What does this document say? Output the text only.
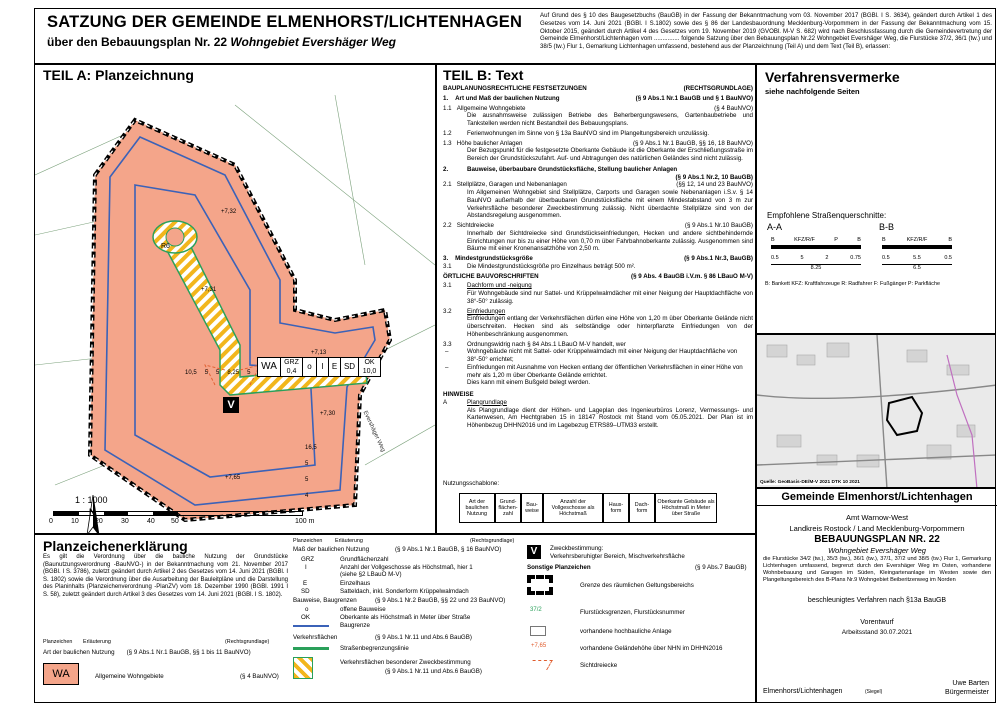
SATZUNG DER GEMEINDE ELMENHORST/LICHTENHAGEN
über den Bebauungsplan Nr. 22 Wohngebiet Evershäger Weg
Auf Grund des § 10 des Baugesetzbuchs (BauGB) in der Fassung der Bekanntmachung vom 03. November 2017 (BGBl. I S. 3634), geändert durch Artikel 1 des Gesetzes vom 14. Juni 2021 (BGBl. I S.1802) sowie des § 86 der Landesbauordnung Mecklenburg-Vorpommern in der Fassung der Bekanntmachung vom 15. Oktober 2015, geändert durch Artikel 4 des Gesetzes vom 19. November 2019 (GVOBl. M-V S. 682) wird nach Beschlussfassung durch die Gemeindevertretung der Gemeinde Elmenhorst/Lichtenhagen vom ............... folgende Satzung über den Bebauungsplan Nr.22 Wohngebiet Evershäger Weg, die Flurstücke 37/2, 36/1 (tw.) und 38/5 (tw.) Flur 1, Gemarkung Lichtenhagen umfassend, bestehend aus der Planzeichnung (Teil A) und dem Text (Teil B), erlassen:
TEIL A: Planzeichnung
N
WA	GRZ
0,4
o	I	E SD	OK
10,0
V
R6
+7,32
+7,13
+7,30
+7,65
+7,31
Evershäger Weg
10,5 5 5 8,25 5
16,5
5
5
4
1 : 1000
0	10 20	30	40 50	100 m
Planzeichenerklärung
Es gilt die Verordnung über die bauliche Nutzung der Grundstücke (Baunutzungsverordnung -BauNVO-) in der Bekanntmachung vom 21. November 2017 (BGBl. I S. 3786), zuletzt geändert durch Artikel 2 des Gesetzes vom 14. Juni 2021 (BGBl. I S. 1802) sowie die Verordnung über die Ausarbeitung der Bauleitpläne und die Darstellung des Planinhalts (Planzeichenverordnung -PlanZV) vom 18. Dezember 1990 (BGBl. 1991 I S. 58), zuletzt geändert durch Artikel 3 des Gesetzes vom 14. Juni 2021 (BGBl. I S. 1802).
Planzeichen Erläuterung	(Rechtsgrundlage)
Art der baulichen Nutzung (§ 9 Abs.1 Nr.1 BauGB, §§ 1 bis 11 BauNVO)
WA	Allgemeine Wohngebiete	(§ 4 BauNVO)
Planzeichen Erläuterung	(Rechtsgrundlage)
Maß der baulichen Nutzung	(§ 9 Abs.1 Nr.1 BauGB, § 16 BauNVO)
GRZ	Grundflächenzahl
I	Anzahl der Vollgeschosse als Höchstmaß, hier 1 (siehe §2 LBauO M-V)
E	Einzelhaus
SD	Satteldach, inkl. Sonderform Krüppelwalmdach
Bauweise, Baugrenzen	(§ 9 Abs.1 Nr.2 BauGB, §§ 22 und 23 BauNVO)
o	offene Bauweise
OK	Oberkante als Höchstmaß in Meter über Straße
Baugrenze
Verkehrsflächen	(§ 9 Abs.1 Nr.11 und Abs.6 BauGB)
Straßenbegrenzungslinie
Verkehrsflächen besonderer Zweckbestimmung
(§ 9 Abs.1 Nr.11 und Abs.6 BauGB)
V	Zweckbestimmung:
Verkehrsberuhigter Bereich, Mischverkehrsfläche
Sonstige Planzeichen	(§ 9 Abs.7 BauGB)
Grenze des räumlichen Geltungsbereichs
37/2	Flurstücksgrenzen, Flurstücksnummer
vorhandene hochbauliche Anlage
+7,65	vorhandene Geländehöhe über NHN im DHHN2016
Sichtdreiecke
TEIL B: Text
BAUPLANUNGSRECHTLICHE FESTSETZUNGEN	(RECHTSGRUNDLAGE)
1. Art und Maß der baulichen Nutzung	(§ 9 Abs.1 Nr.1 BauGB und § 1 BauNVO)
1.1 Allgemeine Wohngebiete	(§ 4 BauNVO)
Die ausnahmsweise zulässigen Betriebe des Beherbergungswesens, Gartenbaubetriebe und Tankstellen werden nicht Bestandteil des Bebauungsplans.
1.2	Ferienwohnungen im Sinne von § 13a BauNVO sind im Plangeltungsbereich unzulässig.
1.3 Höhe baulicher Anlagen	(§ 9 Abs.1 Nr.1 BauGB, §§ 16, 18 BauNVO)
Der Bezugspunkt für die festgesetzte Oberkante Gebäude ist die Oberkante der Erschließungsstraße im Bereich der Grundstückszufahrt. Auf- und Abtragungen des natürlichen Geländes sind nicht zulässig.
2.	Bauweise, überbaubare Grundstücksfläche, Stellung baulicher Anlagen
(§ 9 Abs.1 Nr.2, 10 BauGB)
2.1 Stellplätze, Garagen und Nebenanlagen	(§§ 12, 14 und 23 BauNVO)
Im Allgemeinen Wohngebiet sind Stellplätze, Carports und Garagen sowie Nebenanlagen i.S.v. § 14 BauNVO außerhalb der überbaubaren Grundstücksfläche mit einem Mindestabstand von 3 m zur Verkehrsfläche besonderer Zweckbestimmung zulässig. Nicht überdachte Stellplätze sind von der Abstandsregelung ausgenommen.
2.2 Sichtdreiecke	(§ 9 Abs.1 Nr.10 BauGB)
Innerhalb der Sichtdreiecke sind Grundstückseinfriedungen, Hecken und andere sichtbehindernde Einrichtungen nur bis zu einer Höhe von 0,70 m über Fahrbahnoberkante zulässig. Ausgenommen sind Bäume mit einer Kronenansatzhöhe von 2,50 m.
3. Mindestgrundstücksgröße	(§ 9 Abs.1 Nr.3, BauGB)
3.1	Die Mindestgrundstücksgröße pro Einzelhaus beträgt 500 m².
ÖRTLICHE BAUVORSCHRIFTEN	(§ 9 Abs. 4 BauGB i.V.m. § 86 LBauO M-V)
3.1	Dachform und -neigung
Für Wohngebäude sind nur Sattel- und Krüppelwalmdächer mit einer Neigung der Hauptdachfläche von 38°-50° zulässig.
3.2	Einfriedungen
Einfriedungen entlang der Verkehrsflächen dürfen eine Höhe von 1,20 m über Oberkante Gelände nicht überschreiten. Hecken sind als selbständige oder hinterpflanzte Einfriedungen von der Höhenbeschränkung ausgenommen.
3.3	Ordnungswidrig nach § 84 Abs.1 LBauO M-V handelt, wer
– Wohngebäude nicht mit Sattel- oder Krüppelwalmdach mit einer Neigung der Hauptdachfläche von 38°-50° errichtet;
– Einfriedungen mit Ausnahme von Hecken entlang der öffentlichen Verkehrsflächen in einer Höhe von mehr als 1,20 m über Oberkante Gelände errichtet.
Dies kann mit einem Bußgeld belegt werden.
HINWEISE
A	Plangrundlage
Als Plangrundlage dient der Höhen- und Lageplan des Ingenieurbüros Lorenz, Vermessungs- und Kartenwesen, Am Hechtgraben 15 in 18147 Rostock mit Stand vom 05.05.2021. Der Plan ist im Höhenbezug DHHN2016 und im Lagebezug ETRS89–UTM33 erstellt.
Nutzungsschablone:
Art der baulichen Nutzung
Grund-flächen-zahl
Bau-weise
Anzahl der Vollgeschosse als Höchstmaß
Haus-form
Dach-form
Oberkante Gebäude als Höchstmaß in Meter über Straße
Verfahrensvermerke
siehe nachfolgende Seiten
Empfohlene Straßenquerschnitte:
A-A	B-B
B	KFZ/R/F	P	B
0.5	5	2	0.75
8.25
B	KFZ/R/F	B
0.5	5.5	0.5
6.5
B: Bankett KFZ: Kraftfahrzeuge R: Radfahrer F: Fußgänger P: Parkfläche
Quelle: GeoBasis-DE/M-V 2021 DTK 10 2021
Gemeinde Elmenhorst/Lichtenhagen
Amt Warnow-West
Landkreis Rostock / Land Mecklenburg-Vorpommern
BEBAUUNGSPLAN NR. 22
Wohngebiet Evershäger Weg
die Flurstücke 34/2 (tw.), 35/3 (tw.), 36/1 (tw.), 37/1, 37/2 und 38/5 (tw.) Flur 1, Gemarkung Lichtenhagen umfassend, begrenzt durch den Evershäger Weg im Osten, vorhandene Wohnbebauung und Garagen im Süden, Kleingartenanlage im Westen sowie den Plangeltungsbereich des B-Plans Nr.9 Wohngebiet Beiberitzenweg im Norden
beschleunigtes Verfahren nach §13a BauGB
Vorentwurf
Arbeitsstand 30.07.2021
Elmenhorst/Lichtenhagen	(Siegel)
Uwe Barten
Bürgermeister
